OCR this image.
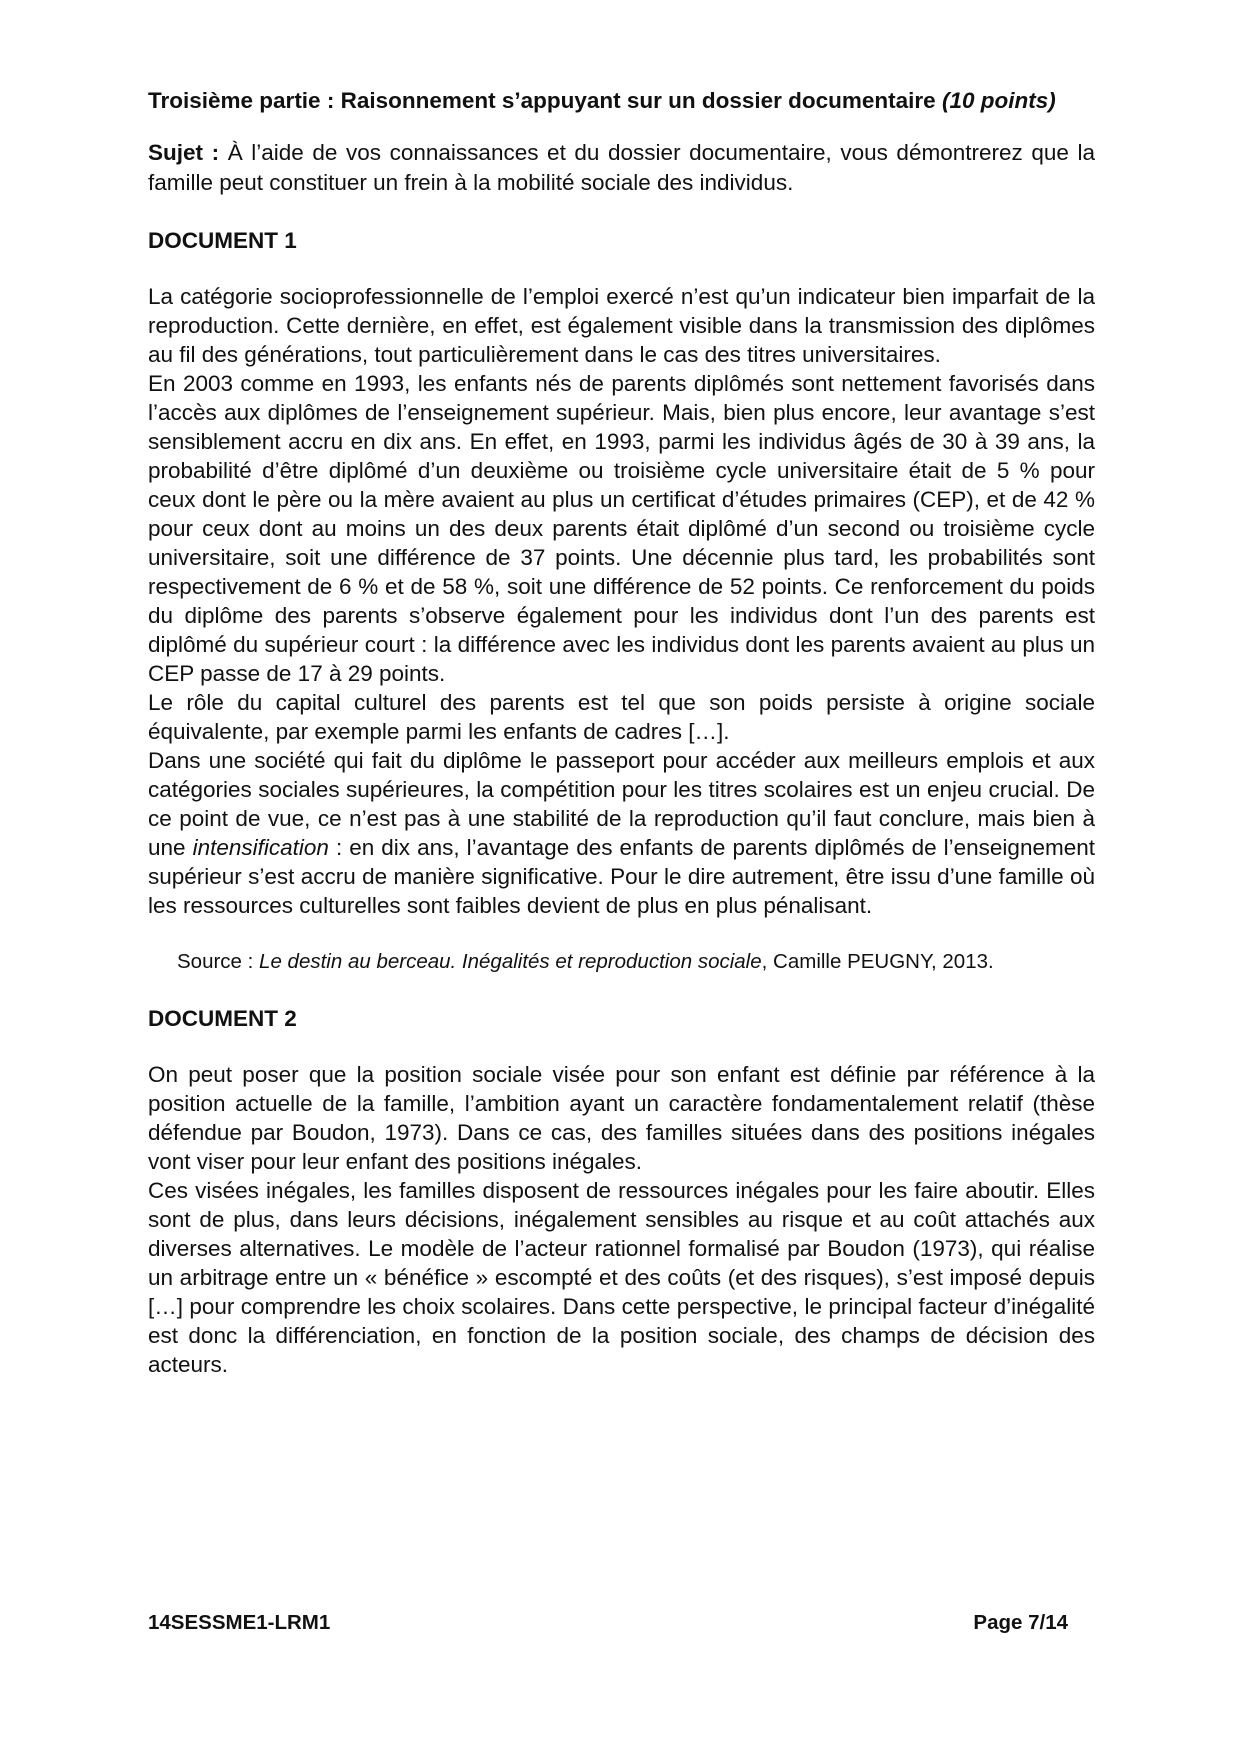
Troisième partie : Raisonnement s’appuyant sur un dossier documentaire (10 points)

Sujet : À l’aide de vos connaissances et du dossier documentaire, vous démontrerez que la famille peut constituer un frein à la mobilité sociale des individus.

DOCUMENT 1

La catégorie socioprofessionnelle de l’emploi exercé n’est qu’un indicateur bien imparfait de la reproduction. Cette dernière, en effet, est également visible dans la transmission des diplômes au fil des générations, tout particulièrement dans le cas des titres universitaires.

En 2003 comme en 1993, les enfants nés de parents diplômés sont nettement favorisés dans l’accès aux diplômes de l’enseignement supérieur. Mais, bien plus encore, leur avantage s’est sensiblement accru en dix ans. En effet, en 1993, parmi les individus âgés de 30 à 39 ans, la probabilité d’être diplômé d’un deuxième ou troisième cycle universitaire était de 5 % pour ceux dont le père ou la mère avaient au plus un certificat d’études primaires (CEP), et de 42 % pour ceux dont au moins un des deux parents était diplômé d’un second ou troisième cycle universitaire, soit une différence de 37 points. Une décennie plus tard, les probabilités sont respectivement de 6 % et de 58 %, soit une différence de 52 points. Ce renforcement du poids du diplôme des parents s’observe également pour les individus dont l’un des parents est diplômé du supérieur court : la différence avec les individus dont les parents avaient au plus un CEP passe de 17 à 29 points.

Le rôle du capital culturel des parents est tel que son poids persiste à origine sociale équivalente, par exemple parmi les enfants de cadres […].

Dans une société qui fait du diplôme le passeport pour accéder aux meilleurs emplois et aux catégories sociales supérieures, la compétition pour les titres scolaires est un enjeu crucial. De ce point de vue, ce n’est pas à une stabilité de la reproduction qu’il faut conclure, mais bien à une intensification : en dix ans, l’avantage des enfants de parents diplômés de l’enseignement supérieur s’est accru de manière significative. Pour le dire autrement, être issu d’une famille où les ressources culturelles sont faibles devient de plus en plus pénalisant.

Source : Le destin au berceau. Inégalités et reproduction sociale, Camille PEUGNY, 2013.

DOCUMENT 2

On peut poser que la position sociale visée pour son enfant est définie par référence à la position actuelle de la famille, l’ambition ayant un caractère fondamentalement relatif (thèse défendue par Boudon, 1973). Dans ce cas, des familles situées dans des positions inégales vont viser pour leur enfant des positions inégales.

Ces visées inégales, les familles disposent de ressources inégales pour les faire aboutir. Elles sont de plus, dans leurs décisions, inégalement sensibles au risque et au coût attachés aux diverses alternatives. Le modèle de l’acteur rationnel formalisé par Boudon (1973), qui réalise un arbitrage entre un « bénéfice » escompté et des coûts (et des risques), s’est imposé depuis […] pour comprendre les choix scolaires. Dans cette perspective, le principal facteur d’inégalité est donc la différenciation, en fonction de la position sociale, des champs de décision des acteurs.

14SESSME1-LRM1	Page 7/14
